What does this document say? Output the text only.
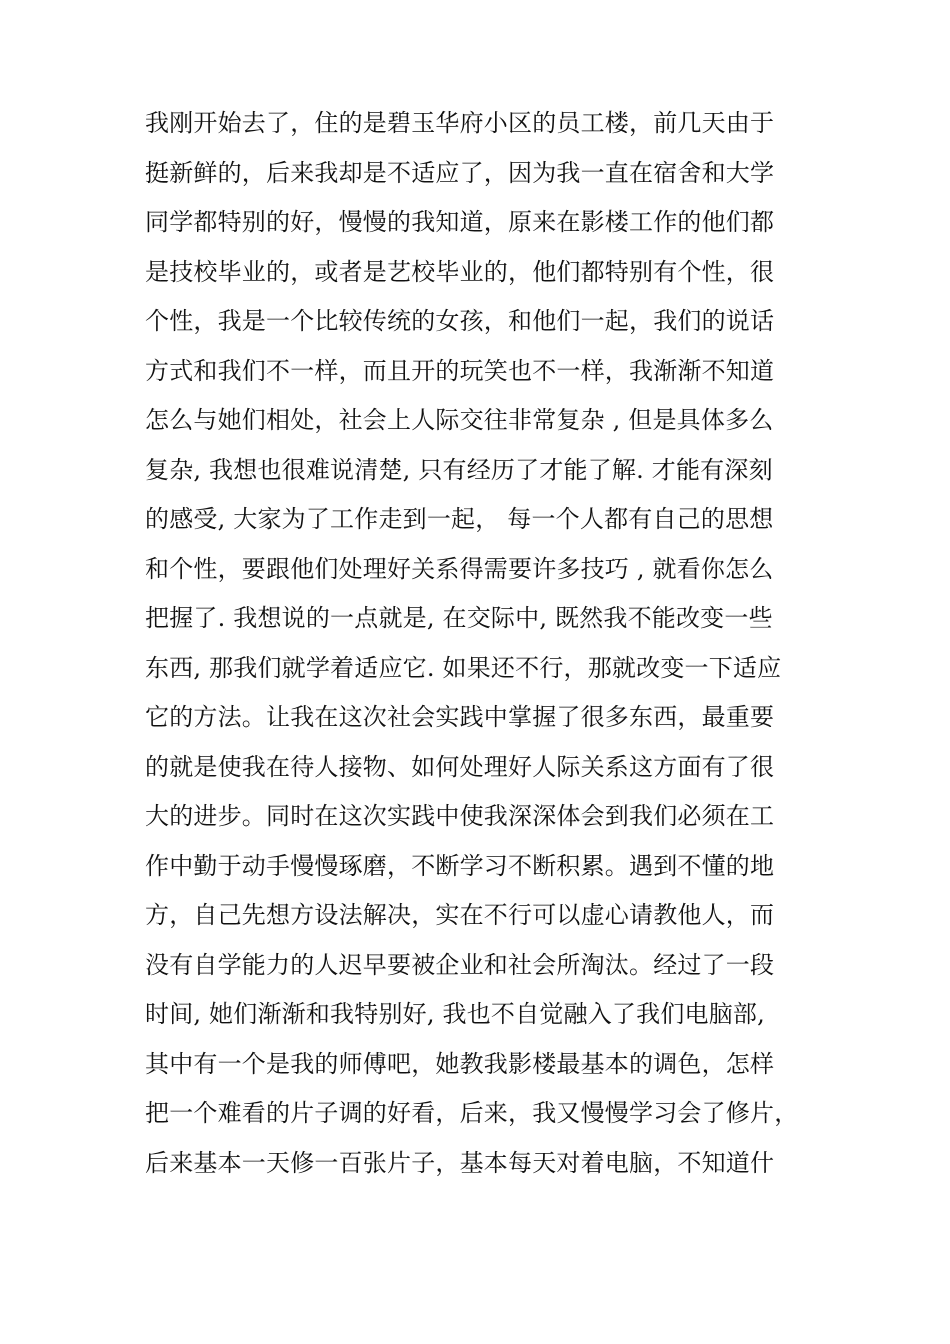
我刚开始去了，住的是碧玉华府小区的员工楼，前几天由于
挺新鲜的，后来我却是不适应了，因为我一直在宿舍和大学
同学都特别的好，慢慢的我知道，原来在影楼工作的他们都
是技校毕业的，或者是艺校毕业的，他们都特别有个性，很
个性，我是一个比较传统的女孩，和他们一起，我们的说话
方式和我们不一样，而且开的玩笑也不一样，我渐渐不知道
怎么与她们相处，社会上人际交往非常复杂 , 但是具体多么
复杂, 我想也很难说清楚, 只有经历了才能了解. 才能有深刻
的感受, 大家为了工作走到一起， 每一个人都有自己的思想
和个性，要跟他们处理好关系得需要许多技巧 , 就看你怎么
把握了. 我想说的一点就是, 在交际中, 既然我不能改变一些
东西, 那我们就学着适应它. 如果还不行，那就改变一下适应
它的方法。让我在这次社会实践中掌握了很多东西，最重要
的就是使我在待人接物、如何处理好人际关系这方面有了很
大的进步。同时在这次实践中使我深深体会到我们必须在工
作中勤于动手慢慢琢磨，不断学习不断积累。遇到不懂的地
方，自己先想方设法解决，实在不行可以虚心请教他人，而
没有自学能力的人迟早要被企业和社会所淘汰。经过了一段
时间, 她们渐渐和我特别好, 我也不自觉融入了我们电脑部,
其中有一个是我的师傅吧，她教我影楼最基本的调色，怎样
把一个难看的片子调的好看，后来，我又慢慢学习会了修片，
后来基本一天修一百张片子，基本每天对着电脑，不知道什
